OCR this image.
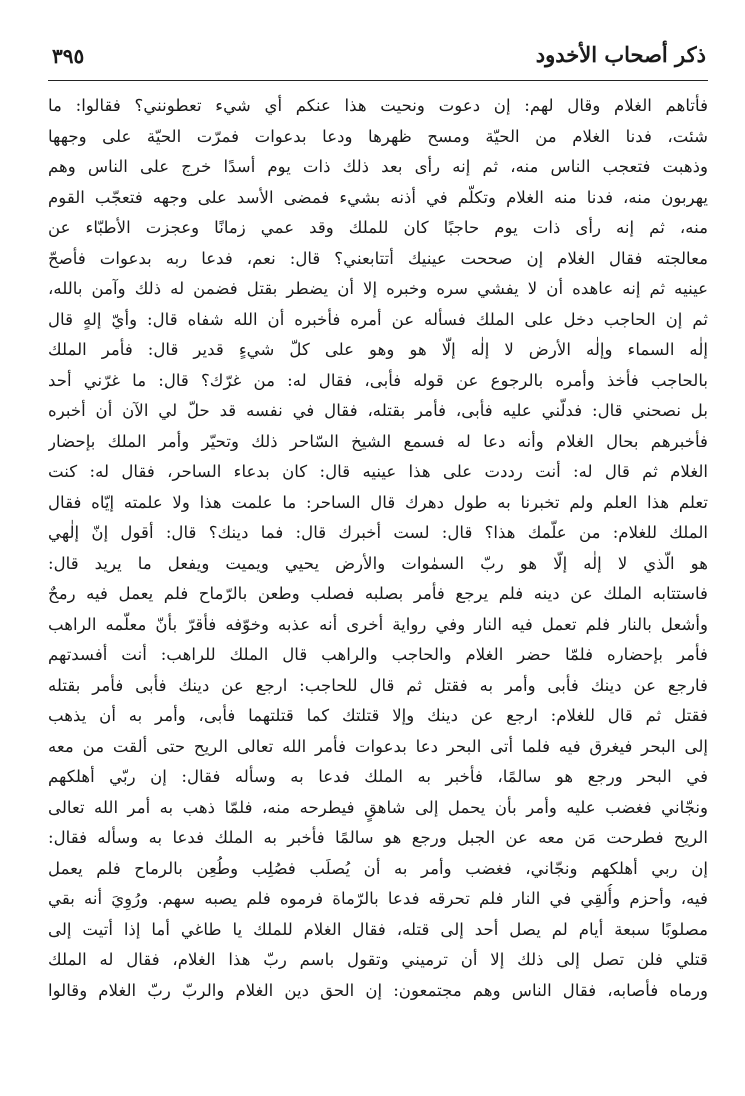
ذكر أصحاب الأخدود
٣٩٥
فأتاهم الغلام وقال لهم: إن دعوت ونحيت هذا عنكم أي شيء تعطونني؟ فقالوا: ما
شئت، فدنا الغلام من الحيّة ومسح ظهرها ودعا بدعوات فمرّت الحيّة على وجهها
وذهبت فتعجب الناس منه، ثم إنه رأى بعد ذلك ذات يوم أسدًا خرج على الناس وهم
يهربون منه، فدنا منه الغلام وتكلّم في أذنه بشيء فمضى الأسد على وجهه فتعجّب القوم
منه، ثم إنه رأى ذات يوم حاجبًا كان للملك وقد عمي زمانًا وعجزت الأطبّاء عن
معالجته فقال الغلام إن صححت عينيك أتتابعني؟ قال: نعم، فدعا ربه بدعوات فأصحّ
عينيه ثم إنه عاهده أن لا يفشي سره وخبره إلا أن يضطر بقتل فضمن له ذلك وآمن بالله،
ثم إن الحاجب دخل على الملك فسأله عن أمره فأخبره أن الله شفاه قال: وأيّ إلهٍ قال
إلٰه السماء وإلٰه الأرض لا إلٰه إلّا هو وهو على كلّ شيءٍ قدير قال: فأمر الملك
بالحاجب فأخذ وأمره بالرجوع عن قوله فأبى، فقال له: من غرّك؟ قال: ما غرّني أحد
بل نصحني قال: فدلّني عليه فأبى، فأمر بقتله، فقال في نفسه قد حلّ لي الآن أن أخبره
فأخبرهم بحال الغلام وأنه دعا له فسمع الشيخ السّاحر ذلك وتحيّر وأمر الملك بإحضار
الغلام ثم قال له: أنت رددت على هذا عينيه قال: كان بدعاء الساحر، فقال له: كنت
تعلم هذا العلم ولم تخبرنا به طول دهرك قال الساحر: ما علمت هذا ولا علمته إيّاه فقال
الملك للغلام: من علّمك هذا؟ قال: لست أخبرك قال: فما دينك؟ قال: أقول إنّ إلٰهي
هو الّذي لا إلٰه إلّا هو ربّ السمٰوات والأرض يحيي ويميت ويفعل ما يريد قال:
فاستتابه الملك عن دينه فلم يرجع فأمر بصلبه فصلب وطعن بالرّماح فلم يعمل فيه رمحٌ
وأشعل بالنار فلم تعمل فيه النار وفي رواية أخرى أنه عذبه وخوّفه فأقرّ بأنّ معلّمه الراهب
فأمر بإحضاره فلمّا حضر الغلام والحاجب والراهب قال الملك للراهب: أنت أفسدتهم
فارجع عن دينك فأبى وأمر به فقتل ثم قال للحاجب: ارجع عن دينك فأبى فأمر بقتله
فقتل ثم قال للغلام: ارجع عن دينك وإلا قتلتك كما قتلتهما فأبى، وأمر به أن يذهب
إلى البحر فيغرق فيه فلما أتى البحر دعا بدعوات فأمر الله تعالى الريح حتى ألقت من معه
في البحر ورجع هو سالمًا، فأخبر به الملك فدعا به وسأله فقال: إن ربّي أهلكهم
ونجّاني فغضب عليه وأمر بأن يحمل إلى شاهقٍ فيطرحه منه، فلمّا ذهب به أمر الله تعالى
الريح فطرحت مَن معه عن الجبل ورجع هو سالمًا فأخبر به الملك فدعا به وسأله فقال:
إن ربي أهلكهم ونجّاني، فغضب وأمر به أن يُصلَب فصُلِب وطُعِن بالرماح فلم يعمل
فيه، وأحزم وأُلقِي في النار فلم تحرقه فدعا بالرّماة فرموه فلم يصبه سهم. ورُوِيَ أنه بقي
مصلوبًا سبعة أيام لم يصل أحد إلى قتله، فقال الغلام للملك يا طاغي أما إذا أتيت إلى
قتلي فلن تصل إلى ذلك إلا أن ترميني وتقول باسم ربّ هذا الغلام، فقال له الملك
ورماه فأصابه، فقال الناس وهم مجتمعون: إن الحق دين الغلام والربّ ربّ الغلام وقالوا
